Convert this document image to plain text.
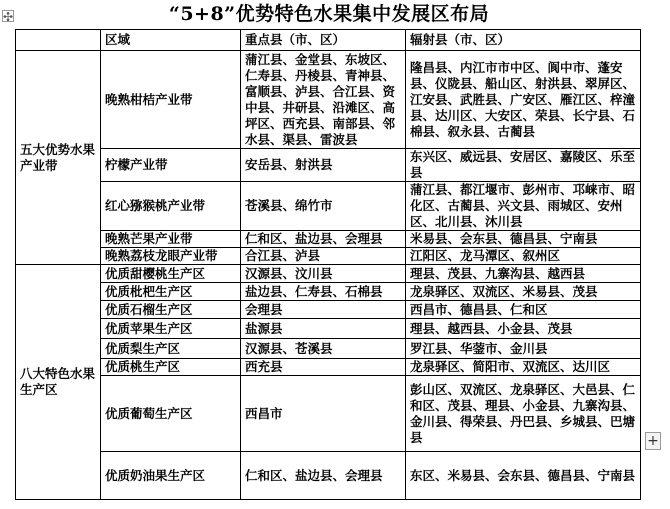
✣	“5+8”优势特色水果集中发展区布局
	区域	重点县（市、区）	辐射县（市、区）
五大优势水果产业带	晚熟柑桔产业带	蒲江县、金堂县、东坡区、仁寿县、丹棱县、青神县、富顺县、泸县、合江县、资中县、井研县、沿滩区、高坪区、西充县、南部县、邻水县、渠县、雷波县	隆昌县、内江市市中区、阆中市、蓬安县、仪陇县、船山区、射洪县、翠屏区、江安县、武胜县、广安区、雁江区、梓潼县、达川区、大安区、荣县、长宁县、石棉县、叙永县、古蔺县
	柠檬产业带	安岳县、射洪县	东兴区、威远县、安居区、嘉陵区、乐至县
	红心猕猴桃产业带	苍溪县、绵竹市	蒲江县、都江堰市、彭州市、邛崃市、昭化区、古蔺县、兴文县、雨城区、安州区、北川县、沐川县
	晚熟芒果产业带	仁和区、盐边县、会理县	米易县、会东县、德昌县、宁南县
	晚熟荔枝龙眼产业带	合江县、泸县	江阳区、龙马潭区、叙州区
八大特色水果生产区	优质甜樱桃生产区	汉源县、汶川县	理县、茂县、九寨沟县、越西县
	优质枇杷生产区	盐边县、仁寿县、石棉县	龙泉驿区、双流区、米易县、茂县
	优质石榴生产区	会理县	西昌市、德昌县、仁和区
	优质苹果生产区	盐源县	理县、越西县、小金县、茂县
	优质梨生产区	汉源县、苍溪县	罗江县、华蓥市、金川县
	优质桃生产区	西充县	龙泉驿区、简阳市、双流区、达川区
	优质葡萄生产区	西昌市	彭山区、双流区、龙泉驿区、大邑县、仁和区、茂县、理县、小金县、九寨沟县、金川县、得荣县、丹巴县、乡城县、巴塘县
	优质奶油果生产区	仁和区、盐边县、会理县	东区、米易县、会东县、德昌县、宁南县
+
